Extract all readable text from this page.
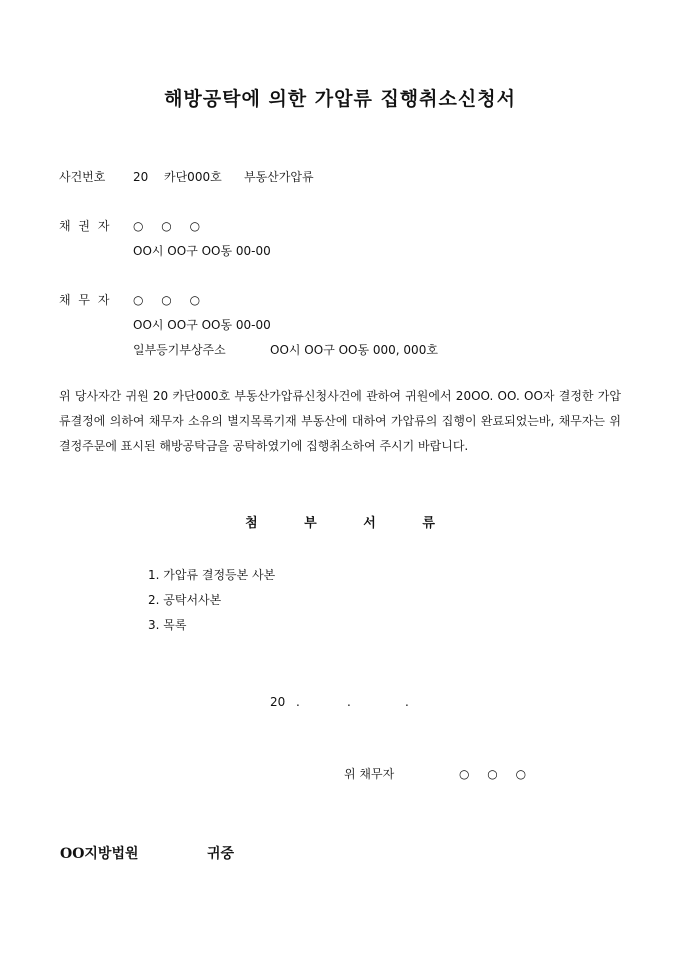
해방공탁에 의한 가압류 집행취소신청서
사건번호 20 카단000호 부동산가압류
채 권 자 ○ ○ ○
OO시 OO구 OO동 00-00
채 무 자 ○ ○ ○
OO시 OO구 OO동 00-00
일부등기부상주소	OO시 OO구 OO동 000, 000호
위 당사자간 귀원 20 카단000호 부동산가압류신청사건에 관하여 귀원에서 20OO. OO. OO자 결정한 가압류결정에 의하여 채무자 소유의 별지목록기재 부동산에 대하여 가압류의 집행이 완료되었는바, 채무자는 위 결정주문에 표시된 해방공탁금을 공탁하였기에 집행취소하여 주시기 바랍니다.
첨 부 서 류
1. 가압류 결정등본 사본
2. 공탁서사본
3. 목록
20 .	.	.
위 채무자	○ ○ ○
OO지방법원	귀중
